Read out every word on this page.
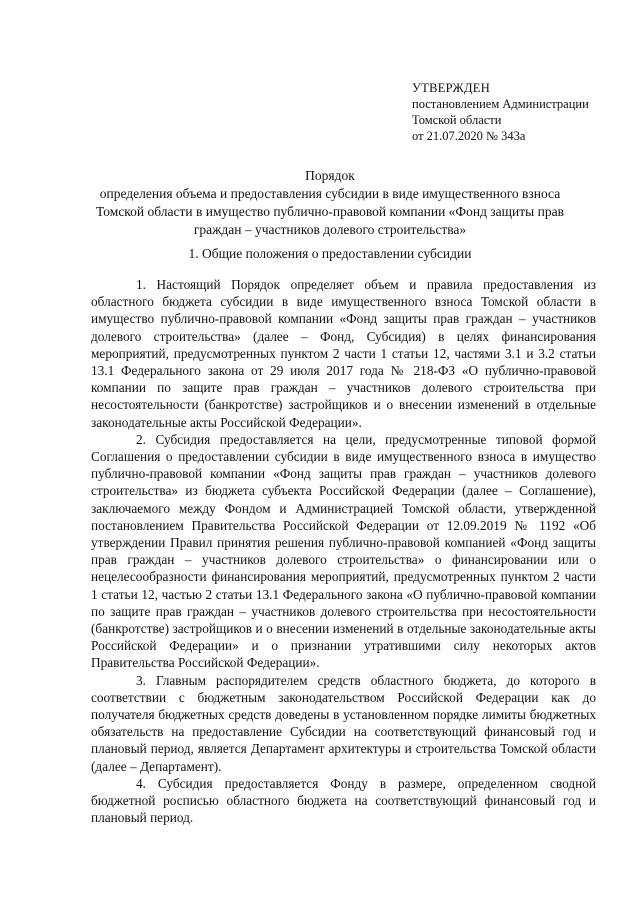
УТВЕРЖДЕН
постановлением Администрации
Томской области
от 21.07.2020 № 343а
Порядок
определения объема и предоставления субсидии в виде имущественного взноса
Томской области в имущество публично-правовой компании «Фонд защиты прав
граждан – участников долевого строительства»
1. Общие положения о предоставлении субсидии

1. Настоящий Порядок определяет объем и правила предоставления из областного бюджета субсидии в виде имущественного взноса Томской области в имущество публично-правовой компании «Фонд защиты прав граждан – участников долевого строительства» (далее – Фонд, Субсидия) в целях финансирования мероприятий, предусмотренных пунктом 2 части 1 статьи 12, частями 3.1 и 3.2 статьи 13.1 Федерального закона от 29 июля 2017 года № 218-ФЗ «О публично-правовой компании по защите прав граждан – участников долевого строительства при несостоятельности (банкротстве) застройщиков и о внесении изменений в отдельные законодательные акты Российской Федерации».

2. Субсидия предоставляется на цели, предусмотренные типовой формой Соглашения о предоставлении субсидии в виде имущественного взноса в имущество публично-правовой компании «Фонд защиты прав граждан – участников долевого строительства» из бюджета субъекта Российской Федерации (далее – Соглашение), заключаемого между Фондом и Администрацией Томской области, утвержденной постановлением Правительства Российской Федерации от 12.09.2019 № 1192 «Об утверждении Правил принятия решения публично-правовой компанией «Фонд защиты прав граждан – участников долевого строительства» о финансировании или о нецелесообразности финансирования мероприятий, предусмотренных пунктом 2 части 1 статьи 12, частью 2 статьи 13.1 Федерального закона «О публично-правовой компании по защите прав граждан – участников долевого строительства при несостоятельности (банкротстве) застройщиков и о внесении изменений в отдельные законодательные акты Российской Федерации» и о признании утратившими силу некоторых актов Правительства Российской Федерации».

3. Главным распорядителем средств областного бюджета, до которого в соответствии с бюджетным законодательством Российской Федерации как до получателя бюджетных средств доведены в установленном порядке лимиты бюджетных обязательств на предоставление Субсидии на соответствующий финансовый год и плановый период, является Департамент архитектуры и строительства Томской области (далее – Департамент).

4. Субсидия предоставляется Фонду в размере, определенном сводной бюджетной росписью областного бюджета на соответствующий финансовый год и плановый период.
